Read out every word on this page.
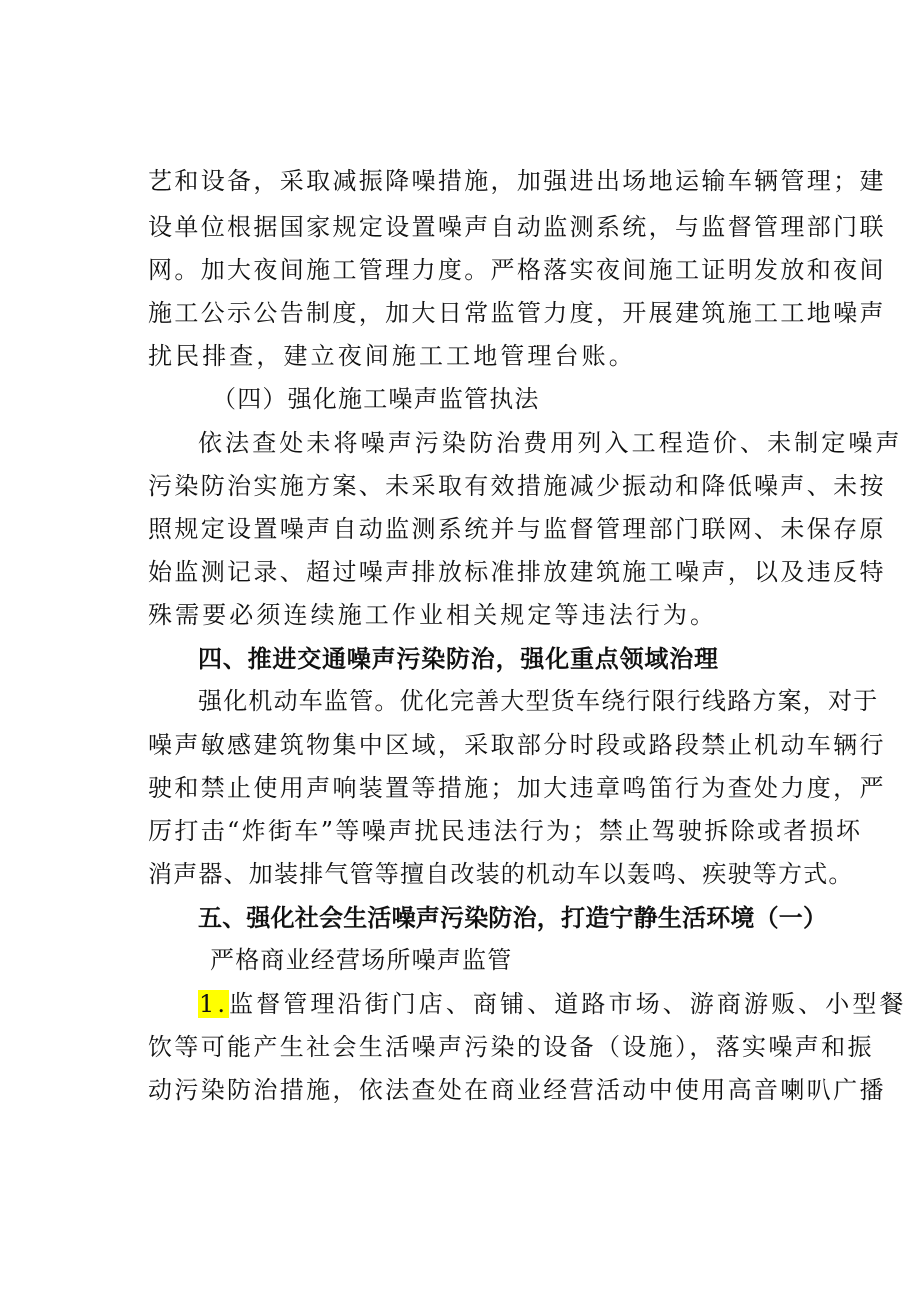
艺和设备，采取减振降噪措施，加强进出场地运输车辆管理；建
设单位根据国家规定设置噪声自动监测系统，与监督管理部门联
网。加大夜间施工管理力度。严格落实夜间施工证明发放和夜间
施工公示公告制度，加大日常监管力度，开展建筑施工工地噪声
扰民排查，建立夜间施工工地管理台账。
（四）强化施工噪声监管执法
依法查处未将噪声污染防治费用列入工程造价、未制定噪声
污染防治实施方案、未采取有效措施减少振动和降低噪声、未按
照规定设置噪声自动监测系统并与监督管理部门联网、未保存原
始监测记录、超过噪声排放标准排放建筑施工噪声，以及违反特
殊需要必须连续施工作业相关规定等违法行为。
四、推进交通噪声污染防治，强化重点领域治理
强化机动车监管。优化完善大型货车绕行限行线路方案，对于
噪声敏感建筑物集中区域，采取部分时段或路段禁止机动车辆行
驶和禁止使用声响装置等措施；加大违章鸣笛行为查处力度，严
厉打击“炸街车”等噪声扰民违法行为；禁止驾驶拆除或者损坏
消声器、加装排气管等擅自改装的机动车以轰鸣、疾驶等方式。
五、强化社会生活噪声污染防治，打造宁静生活环境（一）
严格商业经营场所噪声监管
1.监督管理沿街门店、商铺、道路市场、游商游贩、小型餐
饮等可能产生社会生活噪声污染的设备（设施），落实噪声和振
动污染防治措施，依法查处在商业经营活动中使用高音喇叭广播
